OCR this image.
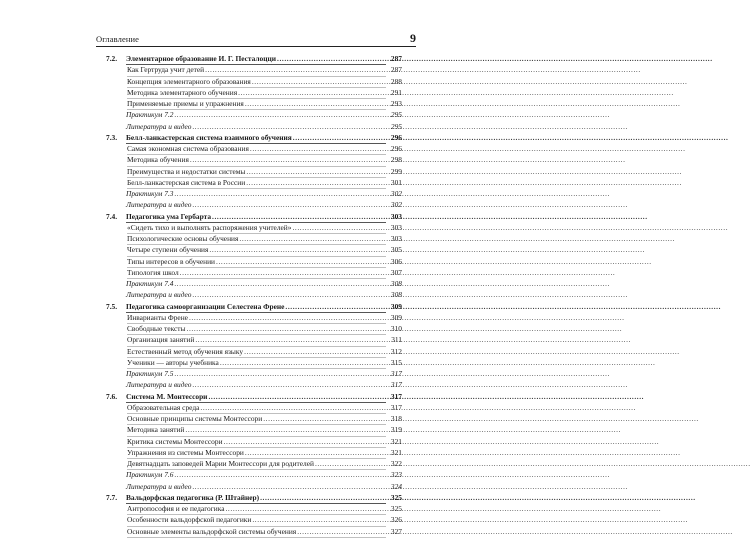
Оглавление	9
7.2.	Элементарное образование И. Г. Песталоцци .....	287
Как Гертруда учит детей .....	287
Концепция элементарного образования .....	288
Методика элементарного обучения .....	291
Применяемые приемы и упражнения .....	293
Практикум 7.2 .....	295
Литература и видео .....	295
7.3.	Белл-ланкастерская система взаимного обучения .....	296
Самая экономная система образования .....	296
Методика обучения .....	298
Преимущества и недостатки системы .....	299
Белл-ланкастерская система в России .....	301
Практикум 7.3 .....	302
Литература и видео .....	302
7.4.	Педагогика ума Гербарта .....	303
«Сидеть тихо и выполнять распоряжения учителей» .....	303
Психологические основы обучения .....	303
Четыре ступени обучения .....	305
Типы интересов в обучении .....	306
Типология школ .....	307
Практикум 7.4 .....	308
Литература и видео .....	308
7.5.	Педагогика самоорганизации Селестена Френе .....	309
Инварианты Френе .....	309
Свободные тексты .....	310
Организация занятий .....	311
Естественный метод обучения языку .....	312
Ученики — авторы учебника .....	315
Практикум 7.5 .....	317
Литература и видео .....	317
7.6.	Система М. Монтессори .....	317
Образовательная среда .....	317
Основные принципы системы Монтессори .....	318
Методика занятий .....	319
Критика системы Монтессори .....	321
Упражнения из системы Монтессори .....	321
Девятнадцать заповедей Марии Монтессори для родителей .....	322
Практикум 7.6 .....	323
Литература и видео .....	324
7.7.	Вальдорфская педагогика (Р. Штайнер) .....	325
Антропософия и ее педагогика .....	325
Особенности вальдорфской педагогики .....	326
Основные элементы вальдорфской системы обучения .....	327
